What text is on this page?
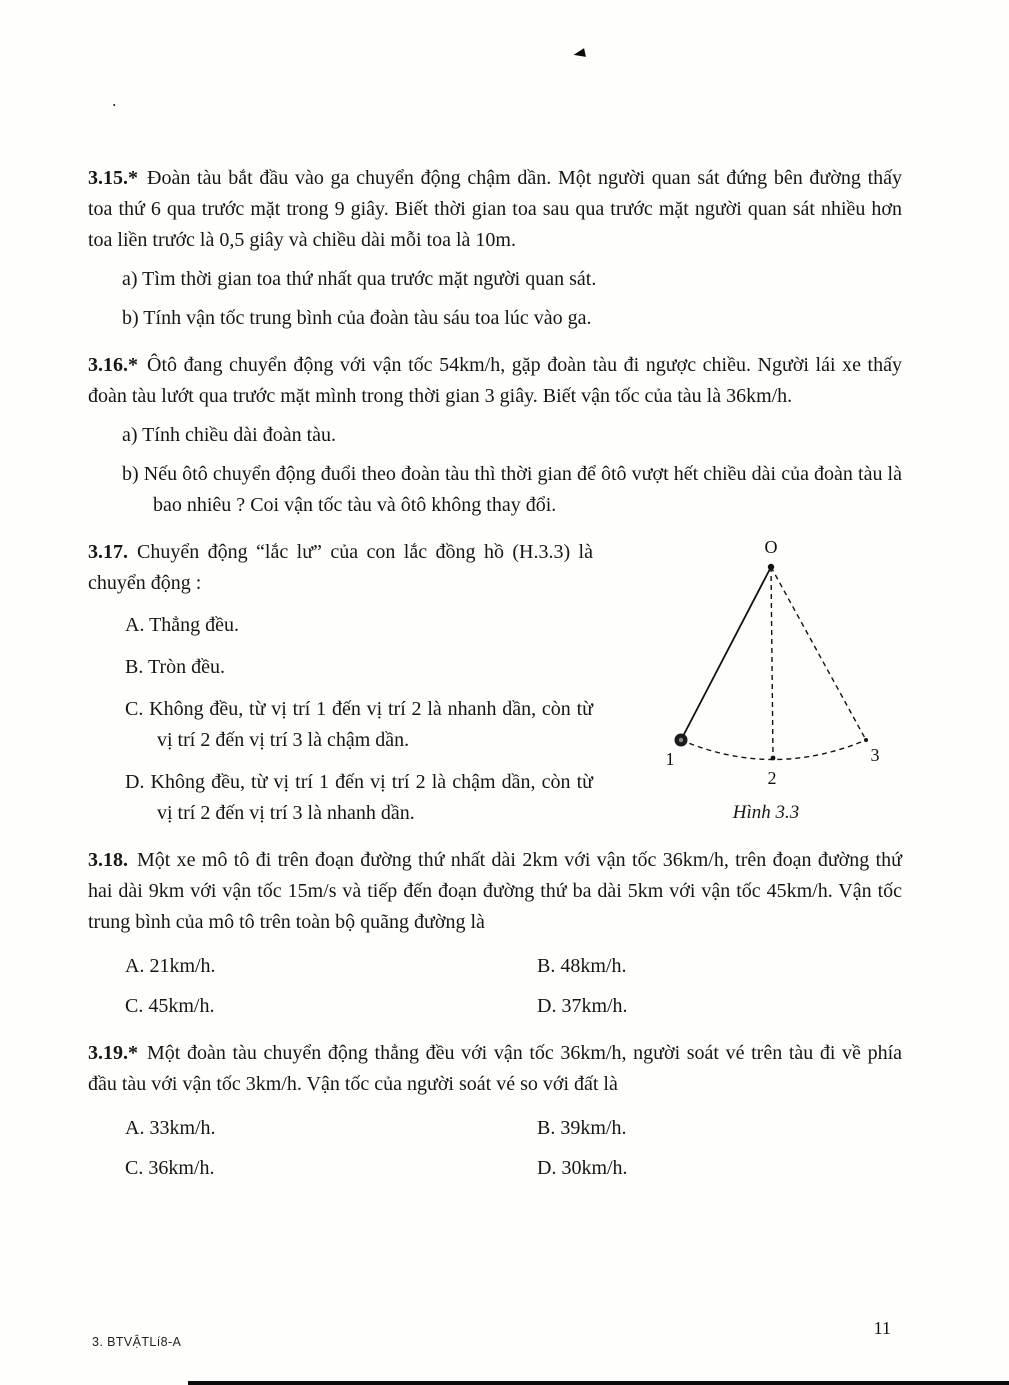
◄
.

3.15.* Đoàn tàu bắt đầu vào ga chuyển động chậm dần. Một người quan sát đứng bên đường thấy toa thứ 6 qua trước mặt trong 9 giây. Biết thời gian toa sau qua trước mặt người quan sát nhiều hơn toa liền trước là 0,5 giây và chiều dài mỗi toa là 10m.

a) Tìm thời gian toa thứ nhất qua trước mặt người quan sát.

b) Tính vận tốc trung bình của đoàn tàu sáu toa lúc vào ga.

3.16.* Ôtô đang chuyển động với vận tốc 54km/h, gặp đoàn tàu đi ngược chiều. Người lái xe thấy đoàn tàu lướt qua trước mặt mình trong thời gian 3 giây. Biết vận tốc của tàu là 36km/h.

a) Tính chiều dài đoàn tàu.

b) Nếu ôtô chuyển động đuổi theo đoàn tàu thì thời gian để ôtô vượt hết chiều dài của đoàn tàu là bao nhiêu ? Coi vận tốc tàu và ôtô không thay đổi.

3.17. Chuyển động “lắc lư” của con lắc đồng hồ (H.3.3) là chuyển động :

A. Thẳng đều.

B. Tròn đều.

C. Không đều, từ vị trí 1 đến vị trí 2 là nhanh dần, còn từ vị trí 2 đến vị trí 3 là chậm dần.

D. Không đều, từ vị trí 1 đến vị trí 2 là chậm dần, còn từ vị trí 2 đến vị trí 3 là nhanh dần.

O
1
2
3
Hình 3.3

3.18. Một xe mô tô đi trên đoạn đường thứ nhất dài 2km với vận tốc 36km/h, trên đoạn đường thứ hai dài 9km với vận tốc 15m/s và tiếp đến đoạn đường thứ ba dài 5km với vận tốc 45km/h. Vận tốc trung bình của mô tô trên toàn bộ quãng đường là

A. 21km/h.	B. 48km/h.
C. 45km/h.	D. 37km/h.

3.19.* Một đoàn tàu chuyển động thẳng đều với vận tốc 36km/h, người soát vé trên tàu đi về phía đầu tàu với vận tốc 3km/h. Vận tốc của người soát vé so với đất là

A. 33km/h.	B. 39km/h.
C. 36km/h.	D. 30km/h.
3. BTVẬTLí8-A
11
